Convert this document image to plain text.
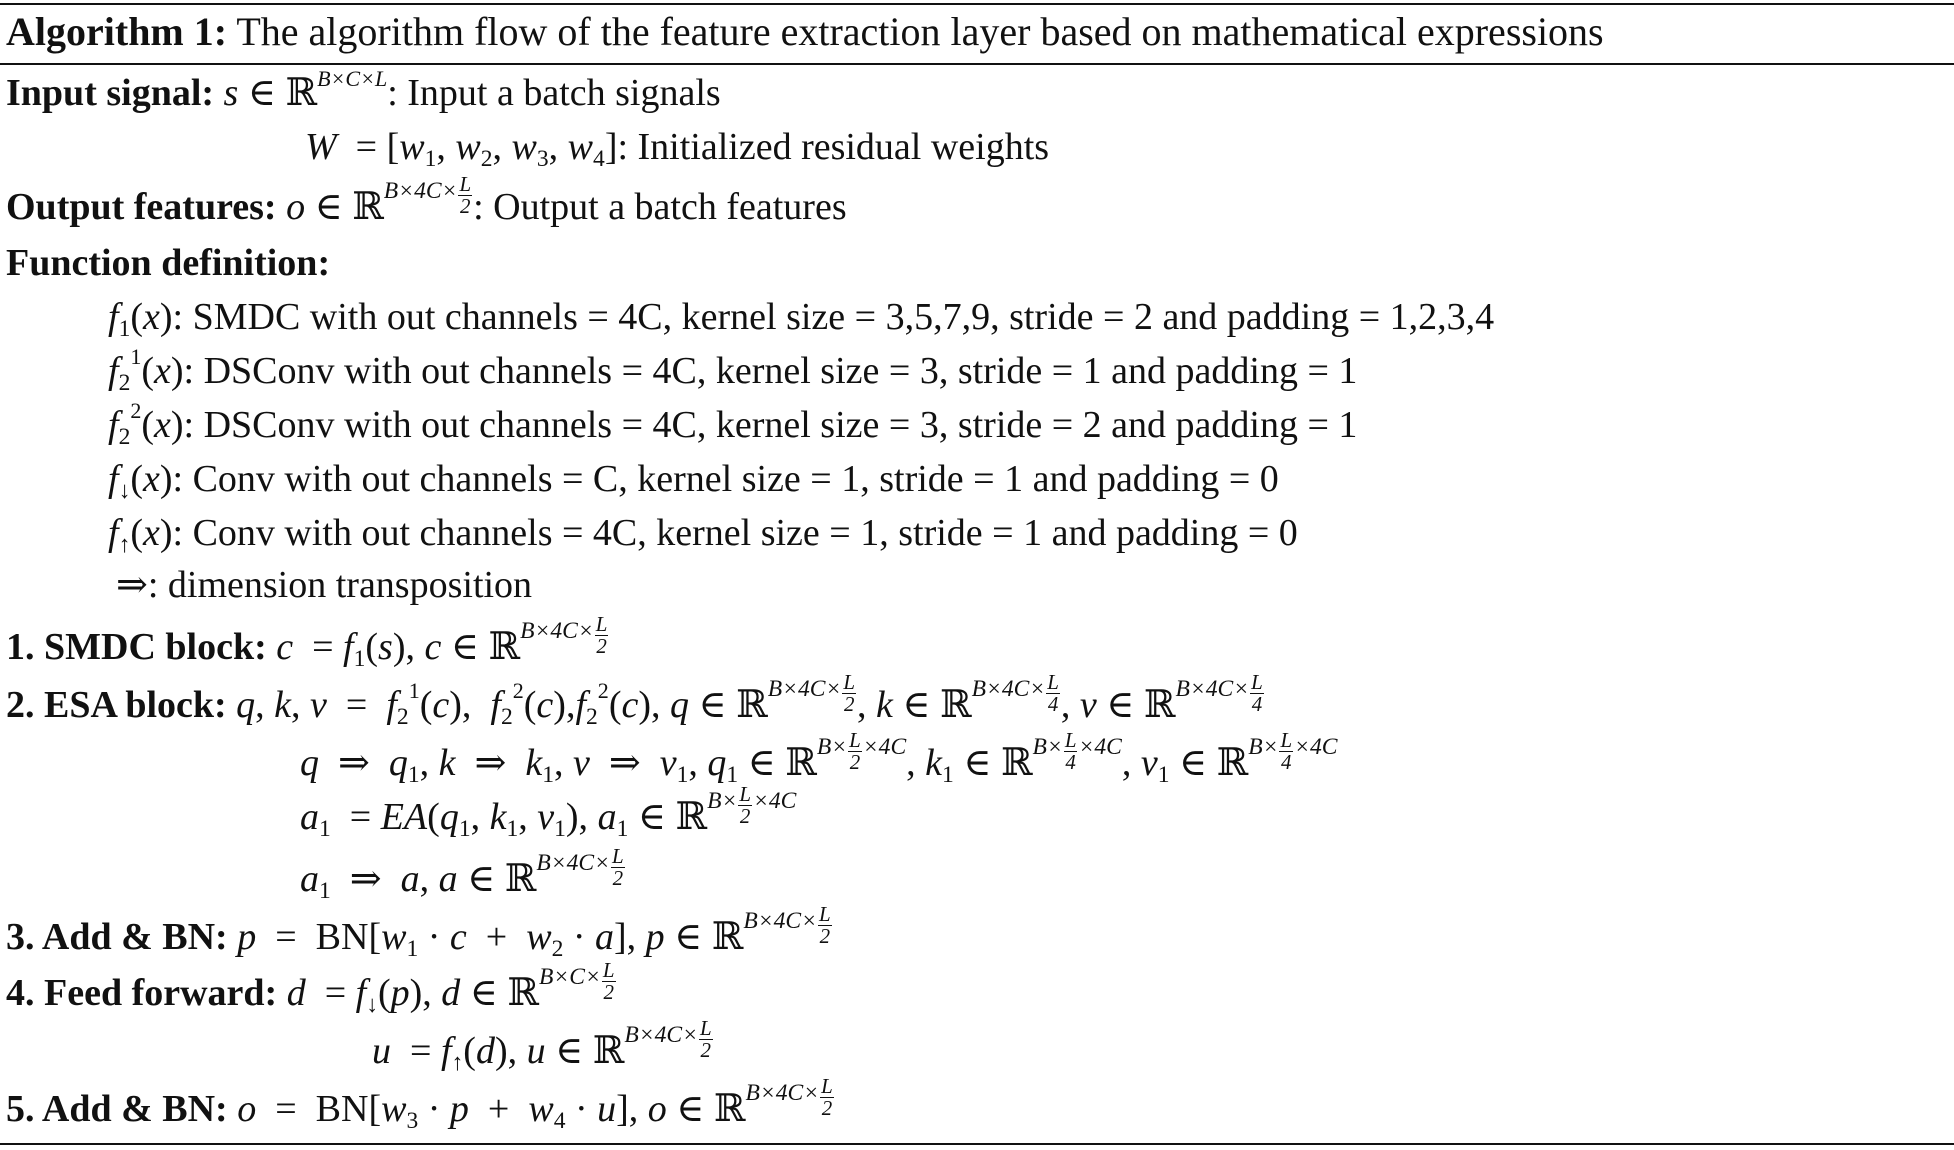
Algorithm 1: The algorithm flow of the feature extraction layer based on mathematical expressions
Input signal: s ∈ ℝ$^{B\times C\times L}$: Input a batch signals
W  = [w1, w2, w3, w4]: Initialized residual weights
Output features: o ∈ ℝ$^{B\times 4C\times}$ $\frac{L}{2}$ : Output a batch features
Function definition:
f1(x): SMDC with out channels = 4C, kernel size = 3,5,7,9, stride = 2 and padding = 1,2,3,4
$f2^1(x)$: DSConv with out channels = 4C, kernel size = 3, stride = 1 and padding = 1
$f2^2(x)$: DSConv with out channels = 4C, kernel size = 3, stride = 2 and padding = 1
f↓(x): Conv with out channels = C, kernel size = 1, stride = 1 and padding = 0
f↑(x): Conv with out channels = 4C, kernel size = 1, stride = 1 and padding = 0
⇒: dimension transposition
1. SMDC block: c  = f1(s), c ∈ ℝ$^{B\times 4C\times}$ $\frac{L}{2}$
2. ESA block: q, k, $v = f2^1(c)$,  $f2^2(c),f2^2(c)$, q ∈ ℝ$^{B\times 4C\times}$ $\frac{L}{2}$ , k ∈ ℝ$^{B\times 4C\times}$ $\frac{L}{4}$ , v ∈ ℝ$^{B\times 4C\times}$ $\frac{L}{4}$
q  ⇒  q1, k  ⇒  k1, v  ⇒  v1, q1 ∈ ℝ$^{B\times}$ $\frac{L}{2} ^{\times 4C}$, k1 ∈ ℝ$^{B\times}$ $\frac{L}{4} ^{\times 4C}$, v1 ∈ ℝ$^{B\times}$ $\frac{L}{4} ^{\times 4C}$
a1  = EA(q1, k1, v1), a1 ∈ ℝ$^{B\times}$ $\frac{L}{2} ^{\times 4C}$
a1  ⇒  a, a ∈ ℝ$^{B\times 4C\times}$ $\frac{L}{2}$
3. Add & BN: p  =  BN[w1 · c  +  w2 · a], p ∈ ℝ$^{B\times 4C\times}$ $\frac{L}{2}$
4. Feed forward: d  = f↓(p), d ∈ ℝ$^{B\times C\times}$ $\frac{L}{2}$
u  = f↑(d), u ∈ ℝ$^{B\times 4C\times}$ $\frac{L}{2}$
5. Add & BN: o  =  BN[w3 · p  +  w4 · u], o ∈ ℝ$^{B\times 4C\times}$ $\frac{L}{2}$
